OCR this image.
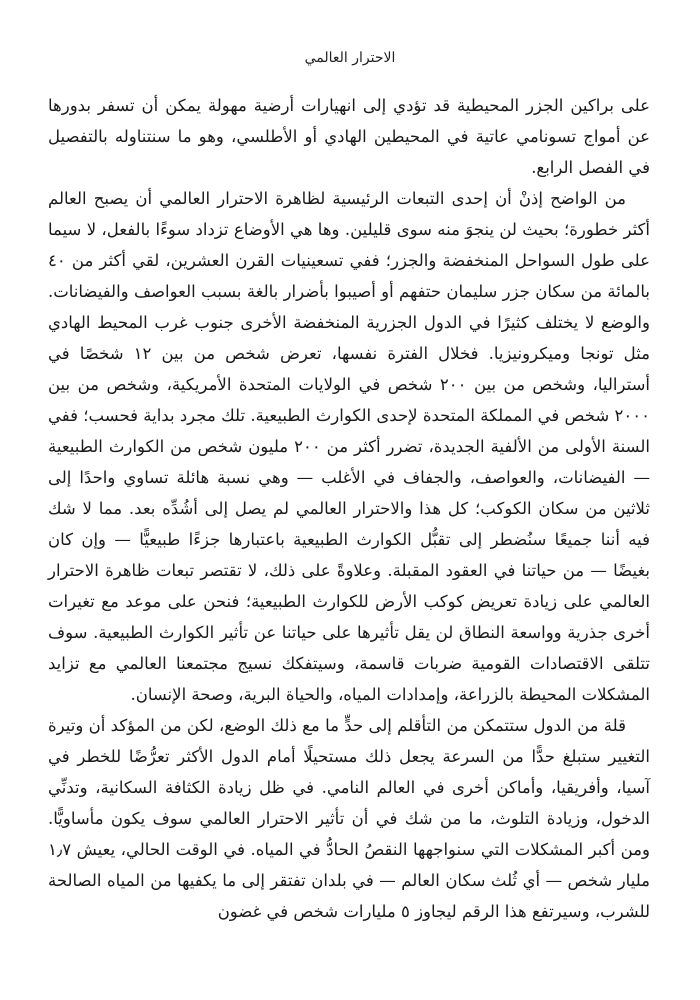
الاحترار العالمي

على براكين الجزر المحيطية قد تؤدي إلى انهيارات أرضية مهولة يمكن أن تسفر بدورها عن أمواج تسونامي عاتية في المحيطين الهادي أو الأطلسي، وهو ما سنتناوله بالتفصيل في الفصل الرابع.

من الواضح إذنْ أن إحدى التبعات الرئيسية لظاهرة الاحترار العالمي أن يصبح العالم أكثر خطورة؛ بحيث لن ينجوَ منه سوى قليلين. وها هي الأوضاع تزداد سوءًا بالفعل، لا سيما على طول السواحل المنخفضة والجزر؛ ففي تسعينيات القرن العشرين، لقي أكثر من ٤٠ بالمائة من سكان جزر سليمان حتفهم أو أصيبوا بأضرار بالغة بسبب العواصف والفيضانات. والوضع لا يختلف كثيرًا في الدول الجزرية المنخفضة الأخرى جنوب غرب المحيط الهادي مثل تونجا وميكرونيزيا. فخلال الفترة نفسها، تعرض شخص من بين ١٢ شخصًا في أستراليا، وشخص من بين ٢٠٠ شخص في الولايات المتحدة الأمريكية، وشخص من بين ٢٠٠٠ شخص في المملكة المتحدة لإحدى الكوارث الطبيعية. تلك مجرد بداية فحسب؛ ففي السنة الأولى من الألفية الجديدة، تضرر أكثر من ٢٠٠ مليون شخص من الكوارث الطبيعية — الفيضانات، والعواصف، والجفاف في الأغلب — وهي نسبة هائلة تساوي واحدًا إلى ثلاثين من سكان الكوكب؛ كل هذا والاحترار العالمي لم يصل إلى أشُدِّه بعد. مما لا شك فيه أننا جميعًا سنُضطر إلى تقبُّل الكوارث الطبيعية باعتبارها جزءًا طبيعيًّا — وإن كان بغيضًا — من حياتنا في العقود المقبلة. وعلاوةً على ذلك، لا تقتصر تبعات ظاهرة الاحترار العالمي على زيادة تعريض كوكب الأرض للكوارث الطبيعية؛ فنحن على موعد مع تغيرات أخرى جذرية وواسعة النطاق لن يقل تأثيرها على حياتنا عن تأثير الكوارث الطبيعية. سوف تتلقى الاقتصادات القومية ضربات قاسمة، وسيتفكك نسيج مجتمعنا العالمي مع تزايد المشكلات المحيطة بالزراعة، وإمدادات المياه، والحياة البرية، وصحة الإنسان.

قلة من الدول ستتمكن من التأقلم إلى حدٍّ ما مع ذلك الوضع، لكن من المؤكد أن وتيرة التغيير ستبلغ حدًّا من السرعة يجعل ذلك مستحيلًا أمام الدول الأكثر تعرُّضًا للخطر في آسيا، وأفريقيا، وأماكن أخرى في العالم النامي. في ظل زيادة الكثافة السكانية، وتدنِّي الدخول، وزيادة التلوث، ما من شك في أن تأثير الاحترار العالمي سوف يكون مأساويًّا. ومن أكبر المشكلات التي سنواجهها النقصُ الحادُّ في المياه. في الوقت الحالي، يعيش ١٫٧ مليار شخص — أي ثُلث سكان العالم — في بلدان تفتقر إلى ما يكفيها من المياه الصالحة للشرب، وسيرتفع هذا الرقم ليجاوز ٥ مليارات شخص في غضون
